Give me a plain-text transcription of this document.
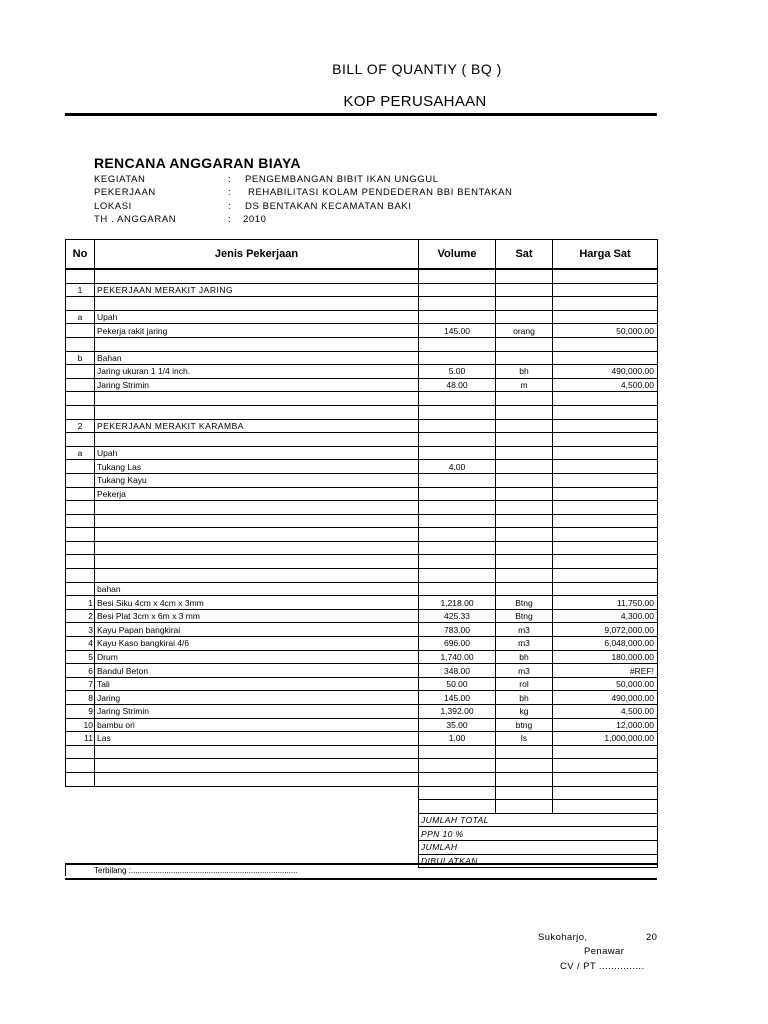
BILL OF QUANTIY ( BQ )
KOP PERUSAHAAN
RENCANA ANGGARAN BIAYA
KEGIATAN	: PENGEMBANGAN BIBIT IKAN UNGGUL
PEKERJAAN	: REHABILITASI KOLAM PENDEDERAN BBI BENTAKAN
LOKASI	: DS BENTAKAN KECAMATAN BAKI
TH . ANGGARAN	: 2010
No	Jenis Pekerjaan	Volume	Sat	Harga Sat

1	PEKERJAAN MERAKIT JARING			

a	Upah			
	Pekerja rakit jaring	145.00	orang	50,000.00

b	Bahan			
	Jaring ukuran 1 1/4 inch.	5.00	bh	490,000.00
	Jaring Strimin	48.00	m	4,500.00

2	PEKERJAAN MERAKIT KARAMBA			

a	Upah			
	Tukang Las	4.00		
	Tukang Kayu			
	Pekerja			

	bahan			
1	Besi Siku 4cm x 4cm x 3mm	1,218.00	Btng	11,750.00
2	Besi Plat 3cm x 6m x 3 mm	425.33	Btng	4,300.00
3	Kayu Papan bangkirai	783.00	m3	9,072,000.00
4	Kayu Kaso bangkirai 4/6	696.00	m3	6,048,000.00
5	Drum	1,740.00	bh	180,000.00
6	Bandul Beton	348.00	m3	#REF!
7	Tali	50.00	rol	50,000.00
8	Jaring	145.00	bh	490,000.00
9	Jaring Strimin	1,392.00	kg	4,500.00
10	bambu ori	35.00	btng	12,000.00
11	Las	1.00	ls	1,000,000.00

		JUMLAH TOTAL		
		PPN 10 %		
		JUMLAH		
		DIBULATKAN		
Terbilang :...........................................................................
Sukoharjo,	20
Penawar
CV / PT ...............
